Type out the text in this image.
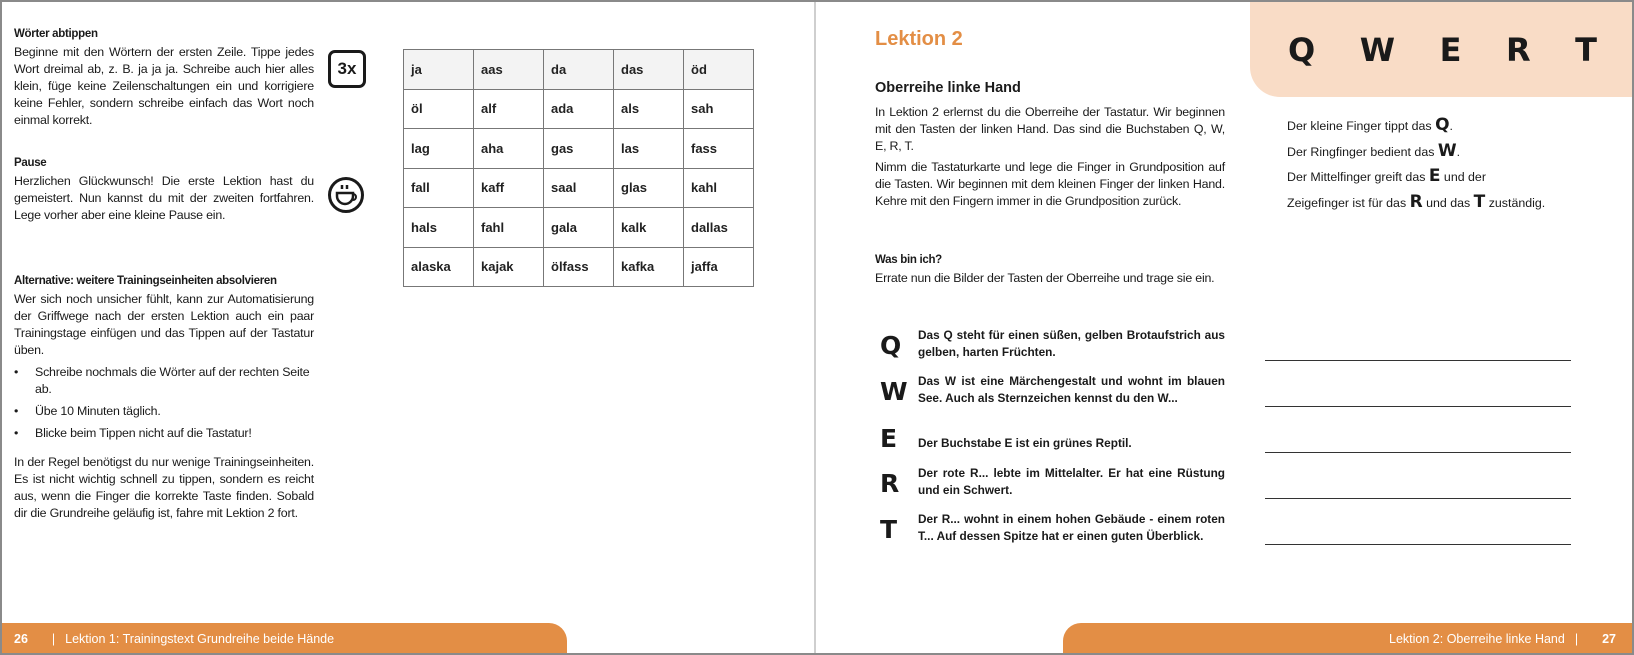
Wörter abtippen
Beginne mit den Wörtern der ersten Zeile. Tippe jedes Wort dreimal ab, z. B. ja ja ja. Schreibe auch hier alles klein, füge keine Zeilenschaltungen ein und korrigiere keine Fehler, sondern schreibe einfach das Wort noch einmal korrekt.
3x
Pause
Herzlichen Glückwunsch! Die erste Lektion hast du gemeistert. Nun kannst du mit der zweiten fortfahren. Lege vorher aber eine kleine Pause ein.
Alternative: weitere Trainingseinheiten absolvieren
Wer sich noch unsicher fühlt, kann zur Automatisierung der Griffwege nach der ersten Lektion auch ein paar Trainingstage einfügen und das Tippen auf der Tastatur üben.
• Schreibe nochmals die Wörter auf der rechten Seite ab.
• Übe 10 Minuten täglich.
• Blicke beim Tippen nicht auf die Tastatur!
In der Regel benötigst du nur wenige Trainingseinheiten. Es ist nicht wichtig schnell zu tippen, sondern es reicht aus, wenn die Finger die korrekte Taste finden. Sobald dir die Grundreihe geläufig ist, fahre mit Lektion 2 fort.
ja	aas	da	das	öd
öl	alf	ada	als	sah
lag	aha	gas	las	fass
fall	kaff	saal	glas	kahl
hals	fahl	gala	kalk	dallas
alaska	kajak	ölfass	kafka	jaffa
26 | Lektion 1: Trainingstext Grundreihe beide Hände
Q W E R T
Lektion 2
Oberreihe linke Hand
In Lektion 2 erlernst du die Oberreihe der Tastatur. Wir beginnen mit den Tasten der linken Hand. Das sind die Buchstaben Q, W, E, R, T.
Nimm die Tastaturkarte und lege die Finger in Grundposition auf die Tasten. Wir beginnen mit dem kleinen Finger der linken Hand. Kehre mit den Fingern immer in die Grundposition zurück.
Was bin ich?
Errate nun die Bilder der Tasten der Oberreihe und trage sie ein.
Der kleine Finger tippt das Q.
Der Ringfinger bedient das W.
Der Mittelfinger greift das E und der
Zeigefinger ist für das R und das T zuständig.
Q Das Q steht für einen süßen, gelben Brotaufstrich aus gelben, harten Früchten.
W Das W ist eine Märchengestalt und wohnt im blauen See. Auch als Sternzeichen kennst du den W...
E Der Buchstabe E ist ein grünes Reptil.
R Der rote R... lebte im Mittelalter. Er hat eine Rüstung und ein Schwert.
T Der R... wohnt in einem hohen Gebäude - einem roten T... Auf dessen Spitze hat er einen guten Überblick.
Lektion 2: Oberreihe linke Hand | 27
